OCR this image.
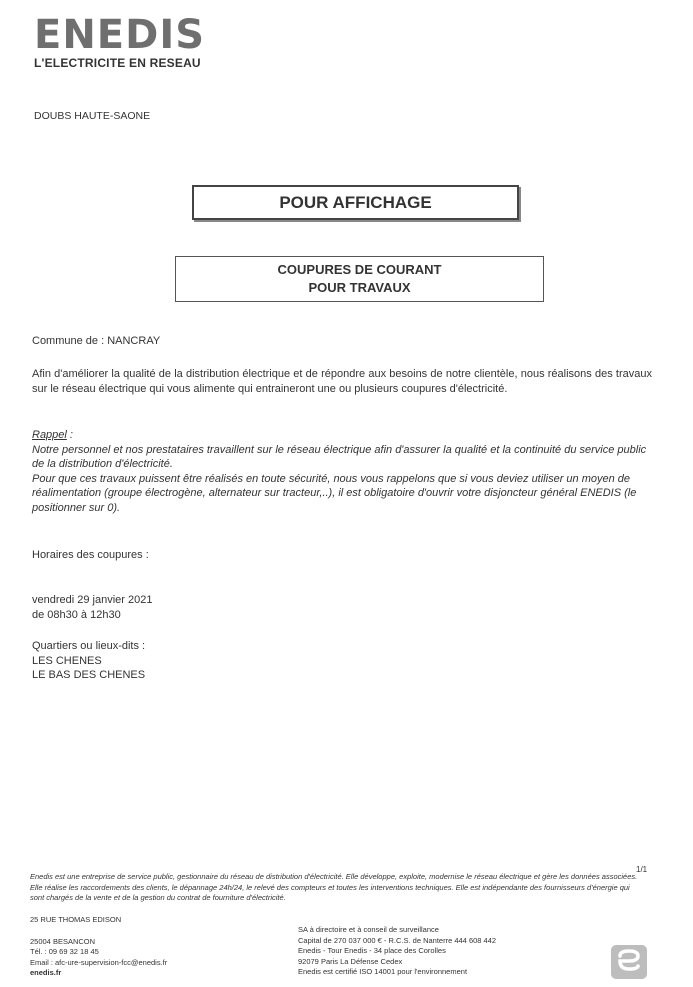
ENEDIS
L'ELECTRICITE EN RESEAU
DOUBS HAUTE-SAONE
POUR AFFICHAGE
COUPURES DE COURANT
POUR TRAVAUX
Commune de : NANCRAY
Afin d'améliorer la qualité de la distribution électrique et de répondre aux besoins de notre clientèle, nous réalisons des travaux sur le réseau électrique qui vous alimente qui entraineront une ou plusieurs coupures d'électricité.
Rappel :
Notre personnel et nos prestataires travaillent sur le réseau électrique afin d'assurer la qualité et la continuité du service public de la distribution d'électricité.
Pour que ces travaux puissent être réalisés en toute sécurité, nous vous rappelons que si vous deviez utiliser un moyen de réalimentation (groupe électrogène, alternateur sur tracteur,..), il est obligatoire d'ouvrir votre disjoncteur général ENEDIS (le positionner sur 0).
Horaires des coupures :
vendredi 29 janvier 2021
de 08h30 à 12h30
Quartiers ou lieux-dits :
LES CHENES
LE BAS DES CHENES
1/1
Enedis est une entreprise de service public, gestionnaire du réseau de distribution d'électricité. Elle développe, exploite, modernise le réseau électrique et gère les données associées. Elle réalise les raccordements des clients, le dépannage 24h/24, le relevé des compteurs et toutes les interventions techniques. Elle est indépendante des fournisseurs d'énergie qui sont chargés de la vente et de la gestion du contrat de fourniture d'électricité.
25 RUE THOMAS EDISON
25004 BESANCON
Tél. : 09 69 32 18 45
Email : afc-ure-supervision-fcc@enedis.fr
enedis.fr
SA à directoire et à conseil de surveillance
Capital de 270 037 000 € - R.C.S. de Nanterre 444 608 442
Enedis - Tour Enedis - 34 place des Corolles
92079 Paris La Défense Cedex
Enedis est certifié ISO 14001 pour l'environnement
